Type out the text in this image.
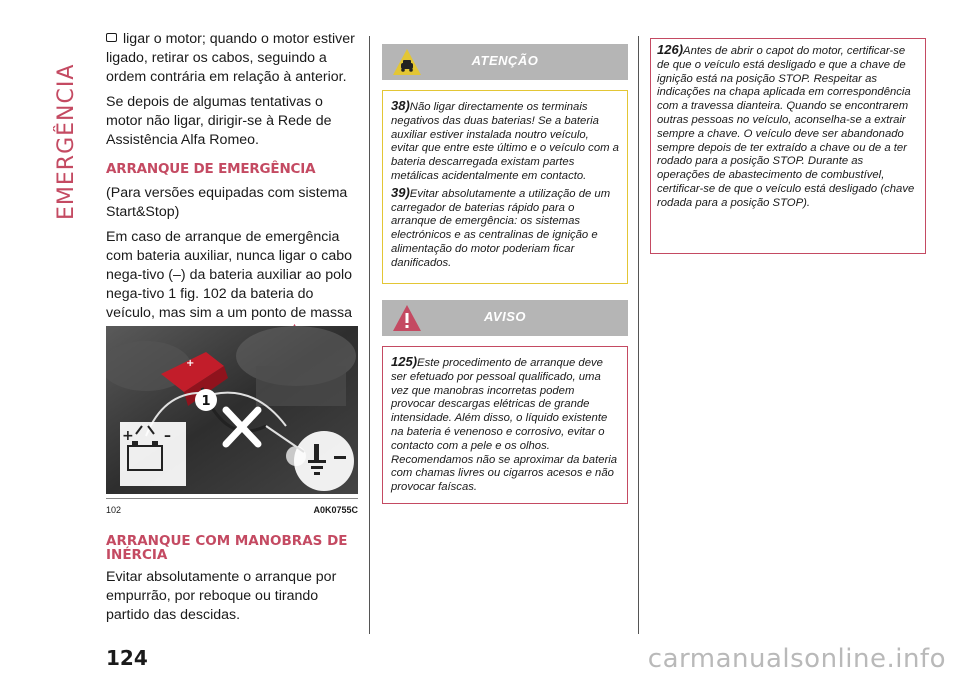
EMERGÊNCIA

ligar o motor; quando o motor estiver ligado, retirar os cabos, seguindo a ordem contrária em relação à anterior.

Se depois de algumas tentativas o motor não ligar, dirigir-se à Rede de Assistência Alfa Romeo.

ARRANQUE DE EMERGÊNCIA

(Para versões equipadas com sistema Start&Stop)

Em caso de arranque de emergência com bateria auxiliar, nunca ligar o cabo nega-tivo (–) da bateria auxiliar ao polo nega-tivo 1 fig. 102 da bateria do veículo, mas sim a um ponto de massa

+
1
+ –
102	A0K0755C
ARRANQUE COM MANOBRAS DE INÉRCIA

Evitar absolutamente o arranque por empurrão, por reboque ou tirando partido das descidas.

ATENÇÃO

38)Não ligar directamente os terminais negativos das duas baterias! Se a bateria auxiliar estiver instalada noutro veículo, evitar que entre este último e o veículo com a bateria descarregada existam partes metálicas acidentalmente em contacto.

39)Evitar absolutamente a utilização de um carregador de baterias rápido para o arranque de emergência: os sistemas electrónicos e as centralinas de ignição e alimentação do motor poderiam ficar danificados.

AVISO

125)Este procedimento de arranque deve ser efetuado por pessoal qualificado, uma vez que manobras incorretas podem provocar descargas elétricas de grande intensidade. Além disso, o líquido existente na bateria é venenoso e corrosivo, evitar o contacto com a pele e os olhos. Recomendamos não se aproximar da bateria com chamas livres ou cigarros acesos e não provocar faíscas.

126)Antes de abrir o capot do motor, certificar-se de que o veículo está desligado e que a chave de ignição está na posição STOP. Respeitar as indicações na chapa aplicada em correspondência com a travessa dianteira. Quando se encontrarem outras pessoas no veículo, aconselha-se a extrair sempre a chave. O veículo deve ser abandonado sempre depois de ter extraído a chave ou de a ter rodado para a posição STOP. Durante as operações de abastecimento de combustível, certificar-se de que o veículo está desligado (chave rodada para a posição STOP).
124	carmanualsonline.info
